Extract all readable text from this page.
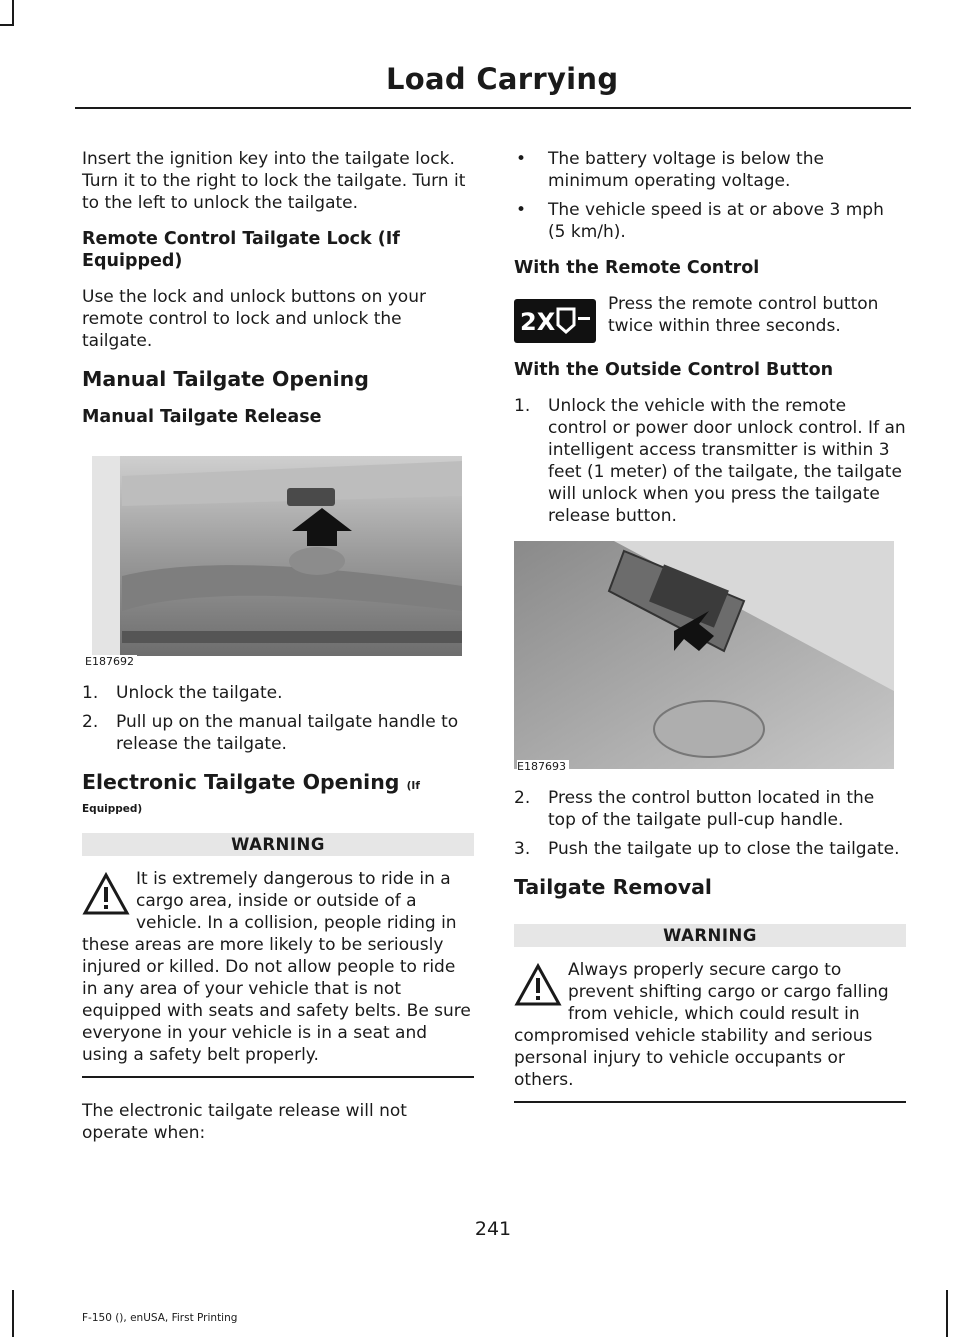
Load Carrying

Insert the ignition key into the tailgate lock. Turn it to the right to lock the tailgate. Turn it to the left to unlock the tailgate.

Remote Control Tailgate Lock (If Equipped)

Use the lock and unlock buttons on your remote control to lock and unlock the tailgate.

Manual Tailgate Opening
Manual Tailgate Release
E187692
1. Unlock the tailgate.
2. Pull up on the manual tailgate handle to release the tailgate.
Electronic Tailgate Opening (If
Equipped)
WARNING
It is extremely dangerous to ride in a cargo area, inside or outside of a vehicle. In a collision, people riding in these areas are more likely to be seriously injured or killed. Do not allow people to ride in any area of your vehicle that is not equipped with seats and safety belts. Be sure everyone in your vehicle is in a seat and using a safety belt properly.

The electronic tailgate release will not operate when:

• The battery voltage is below the minimum operating voltage.
• The vehicle speed is at or above 3 mph (5 km/h).
With the Remote Control
2X

Press the remote control button twice within three seconds.

With the Outside Control Button
1. Unlock the vehicle with the remote control or power door unlock control. If an intelligent access transmitter is within 3 feet (1 meter) of the tailgate, the tailgate will unlock when you press the tailgate release button.
E187693
2. Press the control button located in the top of the tailgate pull-cup handle.
3. Push the tailgate up to close the tailgate.
Tailgate Removal
WARNING
Always properly secure cargo to prevent shifting cargo or cargo falling from vehicle, which could result in compromised vehicle stability and serious personal injury to vehicle occupants or others.
241
F-150 (), enUSA, First Printing
